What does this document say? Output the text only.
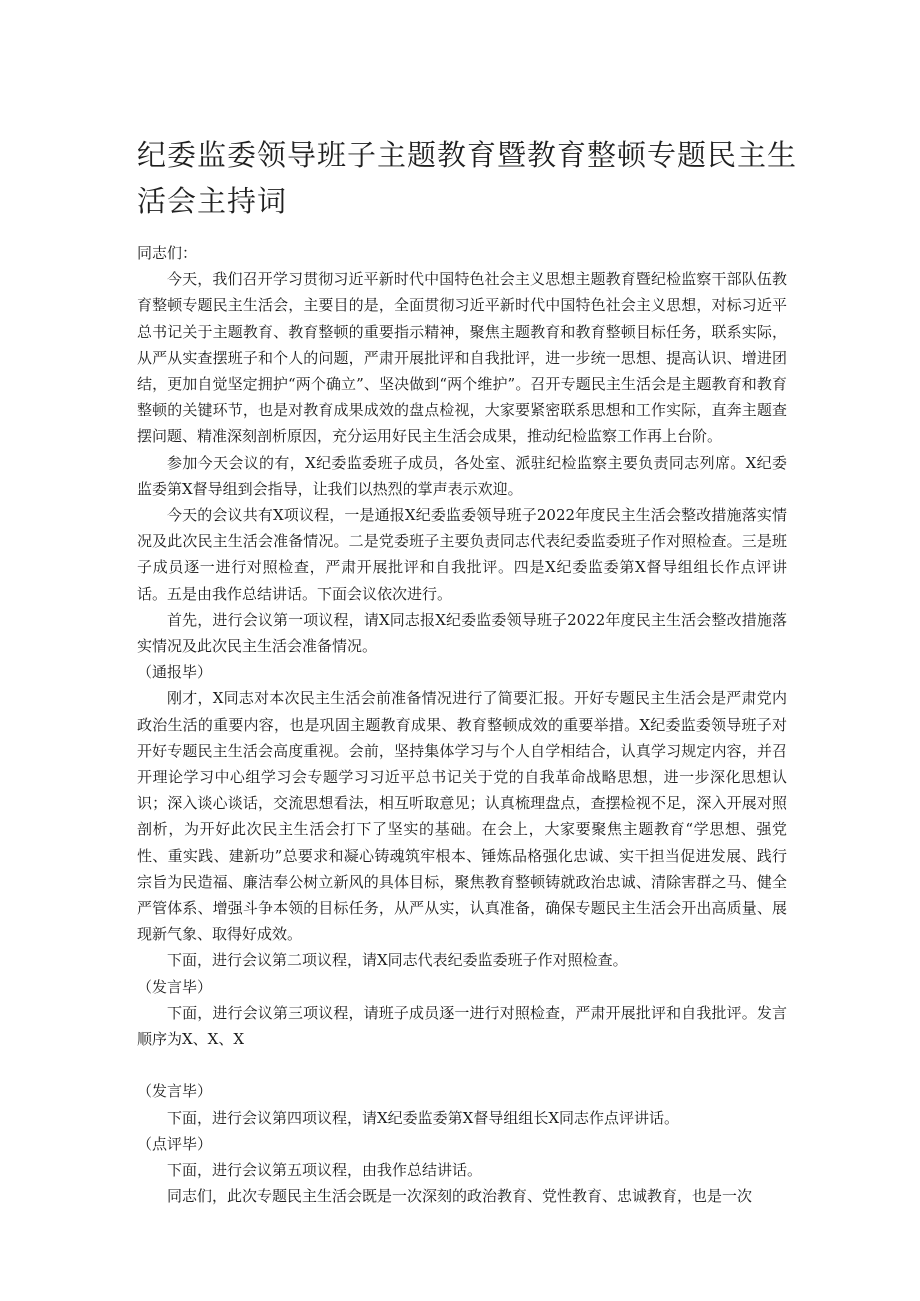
纪委监委领导班子主题教育暨教育整顿专题民主生活会主持词

同志们：

今天，我们召开学习贯彻习近平新时代中国特色社会主义思想主题教育暨纪检监察干部队伍教育整顿专题民主生活会，主要目的是，全面贯彻习近平新时代中国特色社会主义思想，对标习近平总书记关于主题教育、教育整顿的重要指示精神，聚焦主题教育和教育整顿目标任务，联系实际，从严从实查摆班子和个人的问题，严肃开展批评和自我批评，进一步统一思想、提高认识、增进团结，更加自觉坚定拥护“两个确立”、坚决做到“两个维护”。召开专题民主生活会是主题教育和教育整顿的关键环节，也是对教育成果成效的盘点检视，大家要紧密联系思想和工作实际，直奔主题查摆问题、精准深刻剖析原因，充分运用好民主生活会成果，推动纪检监察工作再上台阶。

参加今天会议的有，X纪委监委班子成员，各处室、派驻纪检监察主要负责同志列席。X纪委监委第X督导组到会指导，让我们以热烈的掌声表示欢迎。

今天的会议共有X项议程，一是通报X纪委监委领导班子2022年度民主生活会整改措施落实情况及此次民主生活会准备情况。二是党委班子主要负责同志代表纪委监委班子作对照检查。三是班子成员逐一进行对照检查，严肃开展批评和自我批评。四是X纪委监委第X督导组组长作点评讲话。五是由我作总结讲话。下面会议依次进行。

首先，进行会议第一项议程，请X同志报X纪委监委领导班子2022年度民主生活会整改措施落实情况及此次民主生活会准备情况。

（通报毕）

刚才，X同志对本次民主生活会前准备情况进行了简要汇报。开好专题民主生活会是严肃党内政治生活的重要内容，也是巩固主题教育成果、教育整顿成效的重要举措。X纪委监委领导班子对开好专题民主生活会高度重视。会前，坚持集体学习与个人自学相结合，认真学习规定内容，并召开理论学习中心组学习会专题学习习近平总书记关于党的自我革命战略思想，进一步深化思想认识；深入谈心谈话，交流思想看法，相互听取意见；认真梳理盘点，查摆检视不足，深入开展对照剖析，为开好此次民主生活会打下了坚实的基础。在会上，大家要聚焦主题教育“学思想、强党性、重实践、建新功”总要求和凝心铸魂筑牢根本、锤炼品格强化忠诚、实干担当促进发展、践行宗旨为民造福、廉洁奉公树立新风的具体目标，聚焦教育整顿铸就政治忠诚、清除害群之马、健全严管体系、增强斗争本领的目标任务，从严从实，认真准备，确保专题民主生活会开出高质量、展现新气象、取得好成效。

下面，进行会议第二项议程，请X同志代表纪委监委班子作对照检查。

（发言毕）

下面，进行会议第三项议程，请班子成员逐一进行对照检查，严肃开展批评和自我批评。发言顺序为X、X、X

（发言毕）

下面，进行会议第四项议程，请X纪委监委第X督导组组长X同志作点评讲话。

（点评毕）

下面，进行会议第五项议程，由我作总结讲话。

同志们，此次专题民主生活会既是一次深刻的政治教育、党性教育、忠诚教育，也是一次
